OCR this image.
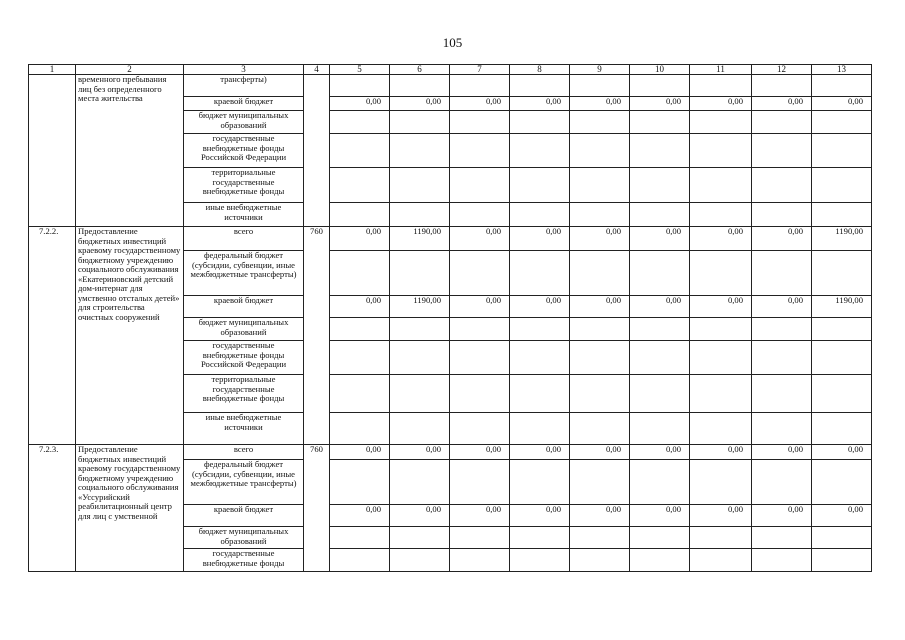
105
1	2	3	4	5	6	7	8	9	10	11	12	13
	временного пребывания лиц без определенного места жительства	трансферты)										
		краевой бюджет		0,00	0,00	0,00	0,00	0,00	0,00	0,00	0,00	0,00
		бюджет муниципальных образований										
		государственные внебюджетные фонды Российской Федерации										
		территориальные государственные внебюджетные фонды										
		иные внебюджетные источники										
7.2.2.	Предоставление бюджетных инвестиций краевому государственному бюджетному учреждению социального обслуживания «Екатериновский детский дом-интернат для умственно отсталых детей» для строительства очистных сооружений	всего	760	0,00	1190,00	0,00	0,00	0,00	0,00	0,00	0,00	1190,00
		федеральный бюджет (субсидии, субвенции, иные межбюджетные трансферты)										
		краевой бюджет		0,00	1190,00	0,00	0,00	0,00	0,00	0,00	0,00	1190,00
		бюджет муниципальных образований										
		государственные внебюджетные фонды Российской Федерации										
		территориальные государственные внебюджетные фонды										
		иные внебюджетные источники										
7.2.3.	Предоставление бюджетных инвестиций краевому государственному бюджетному учреждению социального обслуживания «Уссурийский реабилитационный центр для лиц с умственной	всего	760	0,00	0,00	0,00	0,00	0,00	0,00	0,00	0,00	0,00
		федеральный бюджет (субсидии, субвенции, иные межбюджетные трансферты)										
		краевой бюджет		0,00	0,00	0,00	0,00	0,00	0,00	0,00	0,00	0,00
		бюджет муниципальных образований										
		государственные внебюджетные фонды										
